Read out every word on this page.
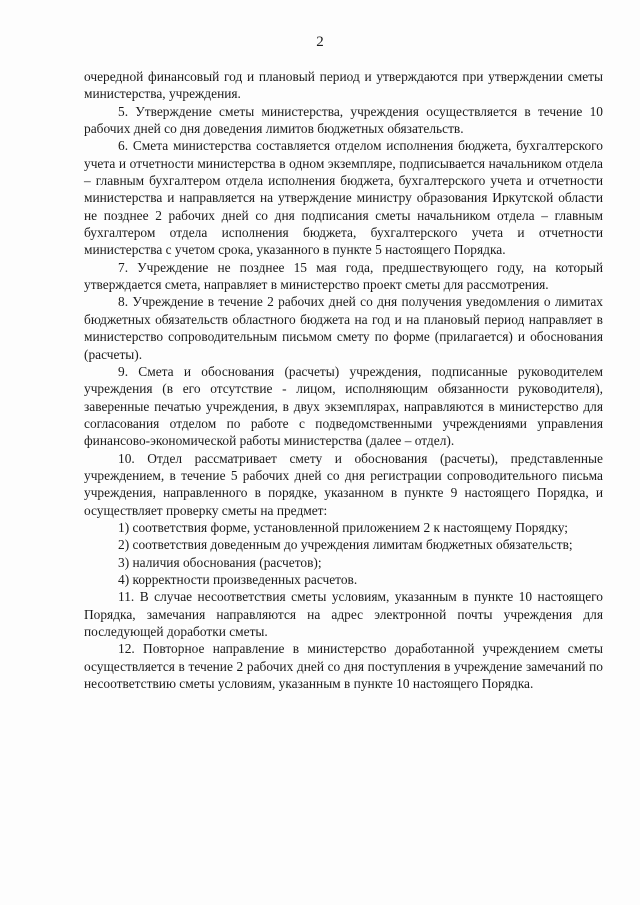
2

очередной финансовый год и плановый период и утверждаются при утверждении сметы министерства, учреждения.

5. Утверждение сметы министерства, учреждения осуществляется в течение 10 рабочих дней со дня доведения лимитов бюджетных обязательств.

6. Смета министерства составляется отделом исполнения бюджета, бухгалтерского учета и отчетности министерства в одном экземпляре, подписывается начальником отдела – главным бухгалтером отдела исполнения бюджета, бухгалтерского учета и отчетности министерства и направляется на утверждение министру образования Иркутской области не позднее 2 рабочих дней со дня подписания сметы начальником отдела – главным бухгалтером отдела исполнения бюджета, бухгалтерского учета и отчетности министерства с учетом срока, указанного в пункте 5 настоящего Порядка.

7. Учреждение не позднее 15 мая года, предшествующего году, на который утверждается смета, направляет в министерство проект сметы для рассмотрения.

8. Учреждение в течение 2 рабочих дней со дня получения уведомления о лимитах бюджетных обязательств областного бюджета на год и на плановый период направляет в министерство сопроводительным письмом смету по форме (прилагается) и обоснования (расчеты).

9. Смета и обоснования (расчеты) учреждения, подписанные руководителем учреждения (в его отсутствие - лицом, исполняющим обязанности руководителя), заверенные печатью учреждения, в двух экземплярах, направляются в министерство для согласования отделом по работе с подведомственными учреждениями управления финансово-экономической работы министерства (далее – отдел).

10. Отдел рассматривает смету и обоснования (расчеты), представленные учреждением, в течение 5 рабочих дней со дня регистрации сопроводительного письма учреждения, направленного в порядке, указанном в пункте 9 настоящего Порядка, и осуществляет проверку сметы на предмет:

1) соответствия форме, установленной приложением 2 к настоящему Порядку;

2) соответствия доведенным до учреждения лимитам бюджетных обязательств;

3) наличия обоснования (расчетов);

4) корректности произведенных расчетов.

11. В случае несоответствия сметы условиям, указанным в пункте 10 настоящего Порядка, замечания направляются на адрес электронной почты учреждения для последующей доработки сметы.

12. Повторное направление в министерство доработанной учреждением сметы осуществляется в течение 2 рабочих дней со дня поступления в учреждение замечаний по несоответствию сметы условиям, указанным в пункте 10 настоящего Порядка.
